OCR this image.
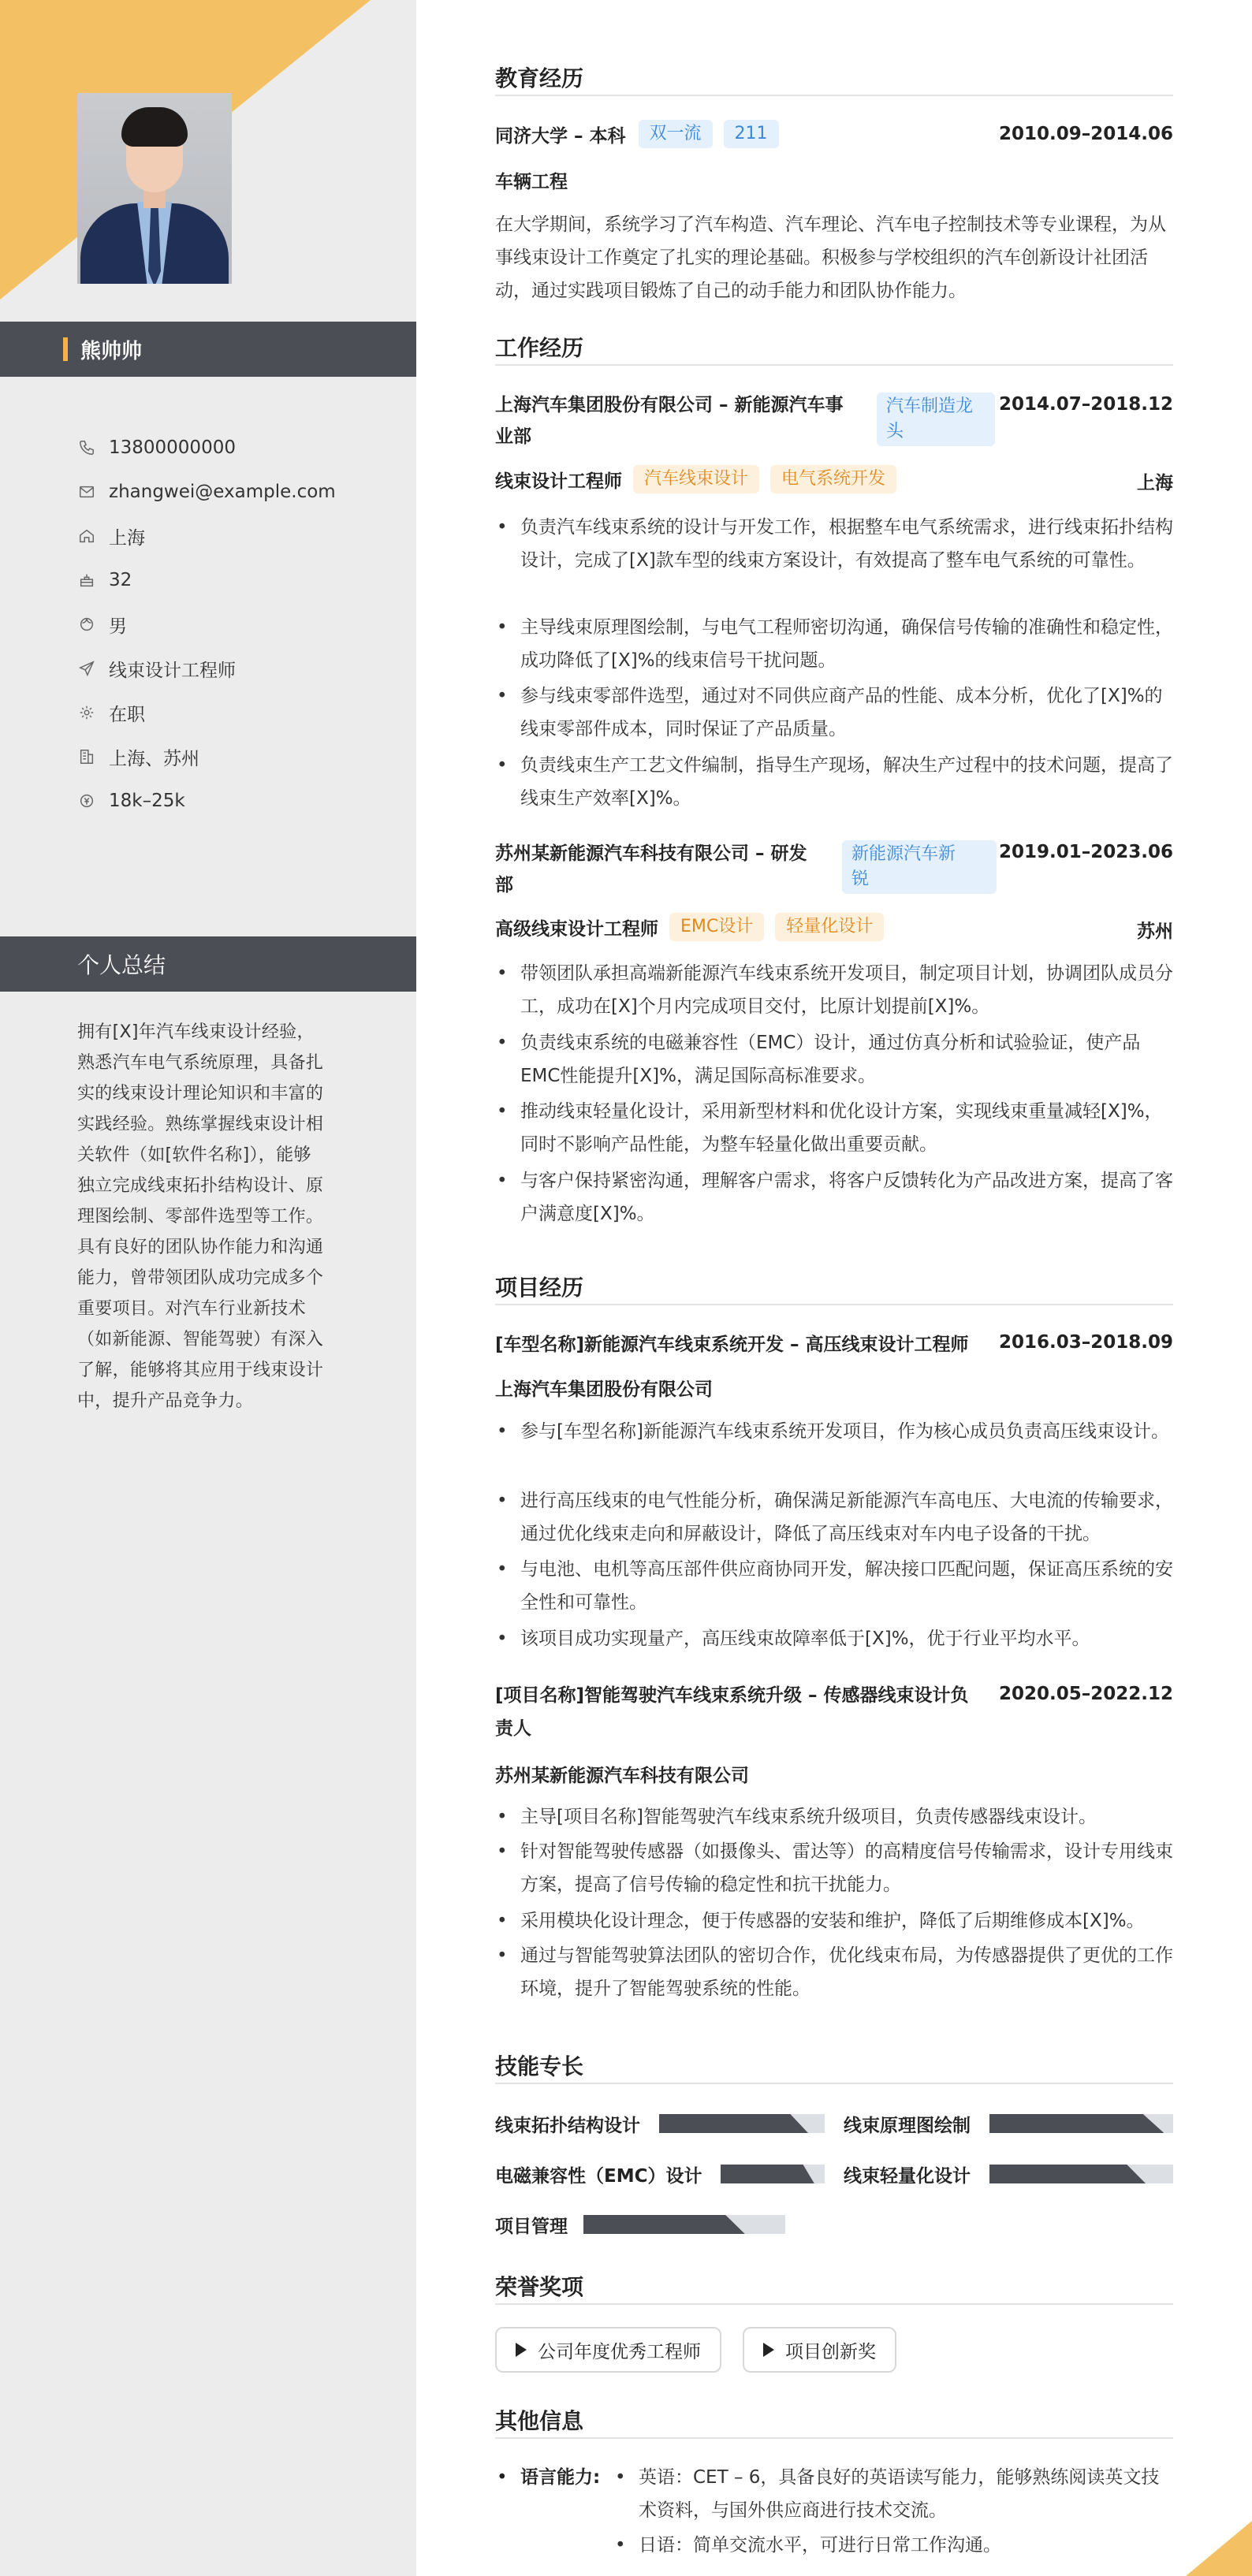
熊帅帅
13800000000
zhangwei@example.com
上海
32
男
线束设计工程师
在职
上海、苏州
18k–25k
个人总结
拥有[X]年汽车线束设计经验，熟悉汽车电气系统原理，具备扎实的线束设计理论知识和丰富的实践经验。熟练掌握线束设计相关软件（如[软件名称]），能够独立完成线束拓扑结构设计、原理图绘制、零部件选型等工作。具有良好的团队协作能力和沟通能力，曾带领团队成功完成多个重要项目。对汽车行业新技术（如新能源、智能驾驶）有深入了解，能够将其应用于线束设计中，提升产品竞争力。
教育经历
同济大学 – 本科	双一流	211	2010.09–2014.06
车辆工程
在大学期间，系统学习了汽车构造、汽车理论、汽车电子控制技术等专业课程，为从事线束设计工作奠定了扎实的理论基础。积极参与学校组织的汽车创新设计社团活动，通过实践项目锻炼了自己的动手能力和团队协作能力。
工作经历
上海汽车集团股份有限公司 – 新能源汽车事
业部
汽车制造龙
头
2014.07–2018.12
线束设计工程师	汽车线束设计	电气系统开发	上海
• 负责汽车线束系统的设计与开发工作，根据整车电气系统需求，进行线束拓扑结构设计，完成了[X]款车型的线束方案设计，有效提高了整车电气系统的可靠性。
• 主导线束原理图绘制，与电气工程师密切沟通，确保信号传输的准确性和稳定性，成功降低了[X]%的线束信号干扰问题。
• 参与线束零部件选型，通过对不同供应商产品的性能、成本分析，优化了[X]%的线束零部件成本，同时保证了产品质量。
• 负责线束生产工艺文件编制，指导生产现场，解决生产过程中的技术问题，提高了线束生产效率[X]%。
苏州某新能源汽车科技有限公司 – 研发
部
新能源汽车新
锐
2019.01–2023.06
高级线束设计工程师	EMC设计	轻量化设计	苏州
• 带领团队承担高端新能源汽车线束系统开发项目，制定项目计划，协调团队成员分工，成功在[X]个月内完成项目交付，比原计划提前[X]%。
• 负责线束系统的电磁兼容性（EMC）设计，通过仿真分析和试验验证，使产品EMC性能提升[X]%，满足国际高标准要求。
• 推动线束轻量化设计，采用新型材料和优化设计方案，实现线束重量减轻[X]%，同时不影响产品性能，为整车轻量化做出重要贡献。
• 与客户保持紧密沟通，理解客户需求，将客户反馈转化为产品改进方案，提高了客户满意度[X]%。
项目经历
[车型名称]新能源汽车线束系统开发 – 高压线束设计工程师	2016.03–2018.09
上海汽车集团股份有限公司
• 参与[车型名称]新能源汽车线束系统开发项目，作为核心成员负责高压线束设计。
• 进行高压线束的电气性能分析，确保满足新能源汽车高电压、大电流的传输要求，通过优化线束走向和屏蔽设计，降低了高压线束对车内电子设备的干扰。
• 与电池、电机等高压部件供应商协同开发，解决接口匹配问题，保证高压系统的安全性和可靠性。
• 该项目成功实现量产，高压线束故障率低于[X]%，优于行业平均水平。
[项目名称]智能驾驶汽车线束系统升级 – 传感器线束设计负
责人
2020.05–2022.12
苏州某新能源汽车科技有限公司
• 主导[项目名称]智能驾驶汽车线束系统升级项目，负责传感器线束设计。
• 针对智能驾驶传感器（如摄像头、雷达等）的高精度信号传输需求，设计专用线束方案，提高了信号传输的稳定性和抗干扰能力。
• 采用模块化设计理念，便于传感器的安装和维护，降低了后期维修成本[X]%。
• 通过与智能驾驶算法团队的密切合作，优化线束布局，为传感器提供了更优的工作环境，提升了智能驾驶系统的性能。
技能专长
线束拓扑结构设计	线束原理图绘制
电磁兼容性（EMC）设计	线束轻量化设计
项目管理
荣誉奖项
公司年度优秀工程师	项目创新奖
其他信息
• 语言能力:
•	英语：CET – 6，具备良好的英语读写能力，能够熟练阅读英文技术资料，与国外供应商进行技术交流。
• 日语：简单交流水平，可进行日常工作沟通。
